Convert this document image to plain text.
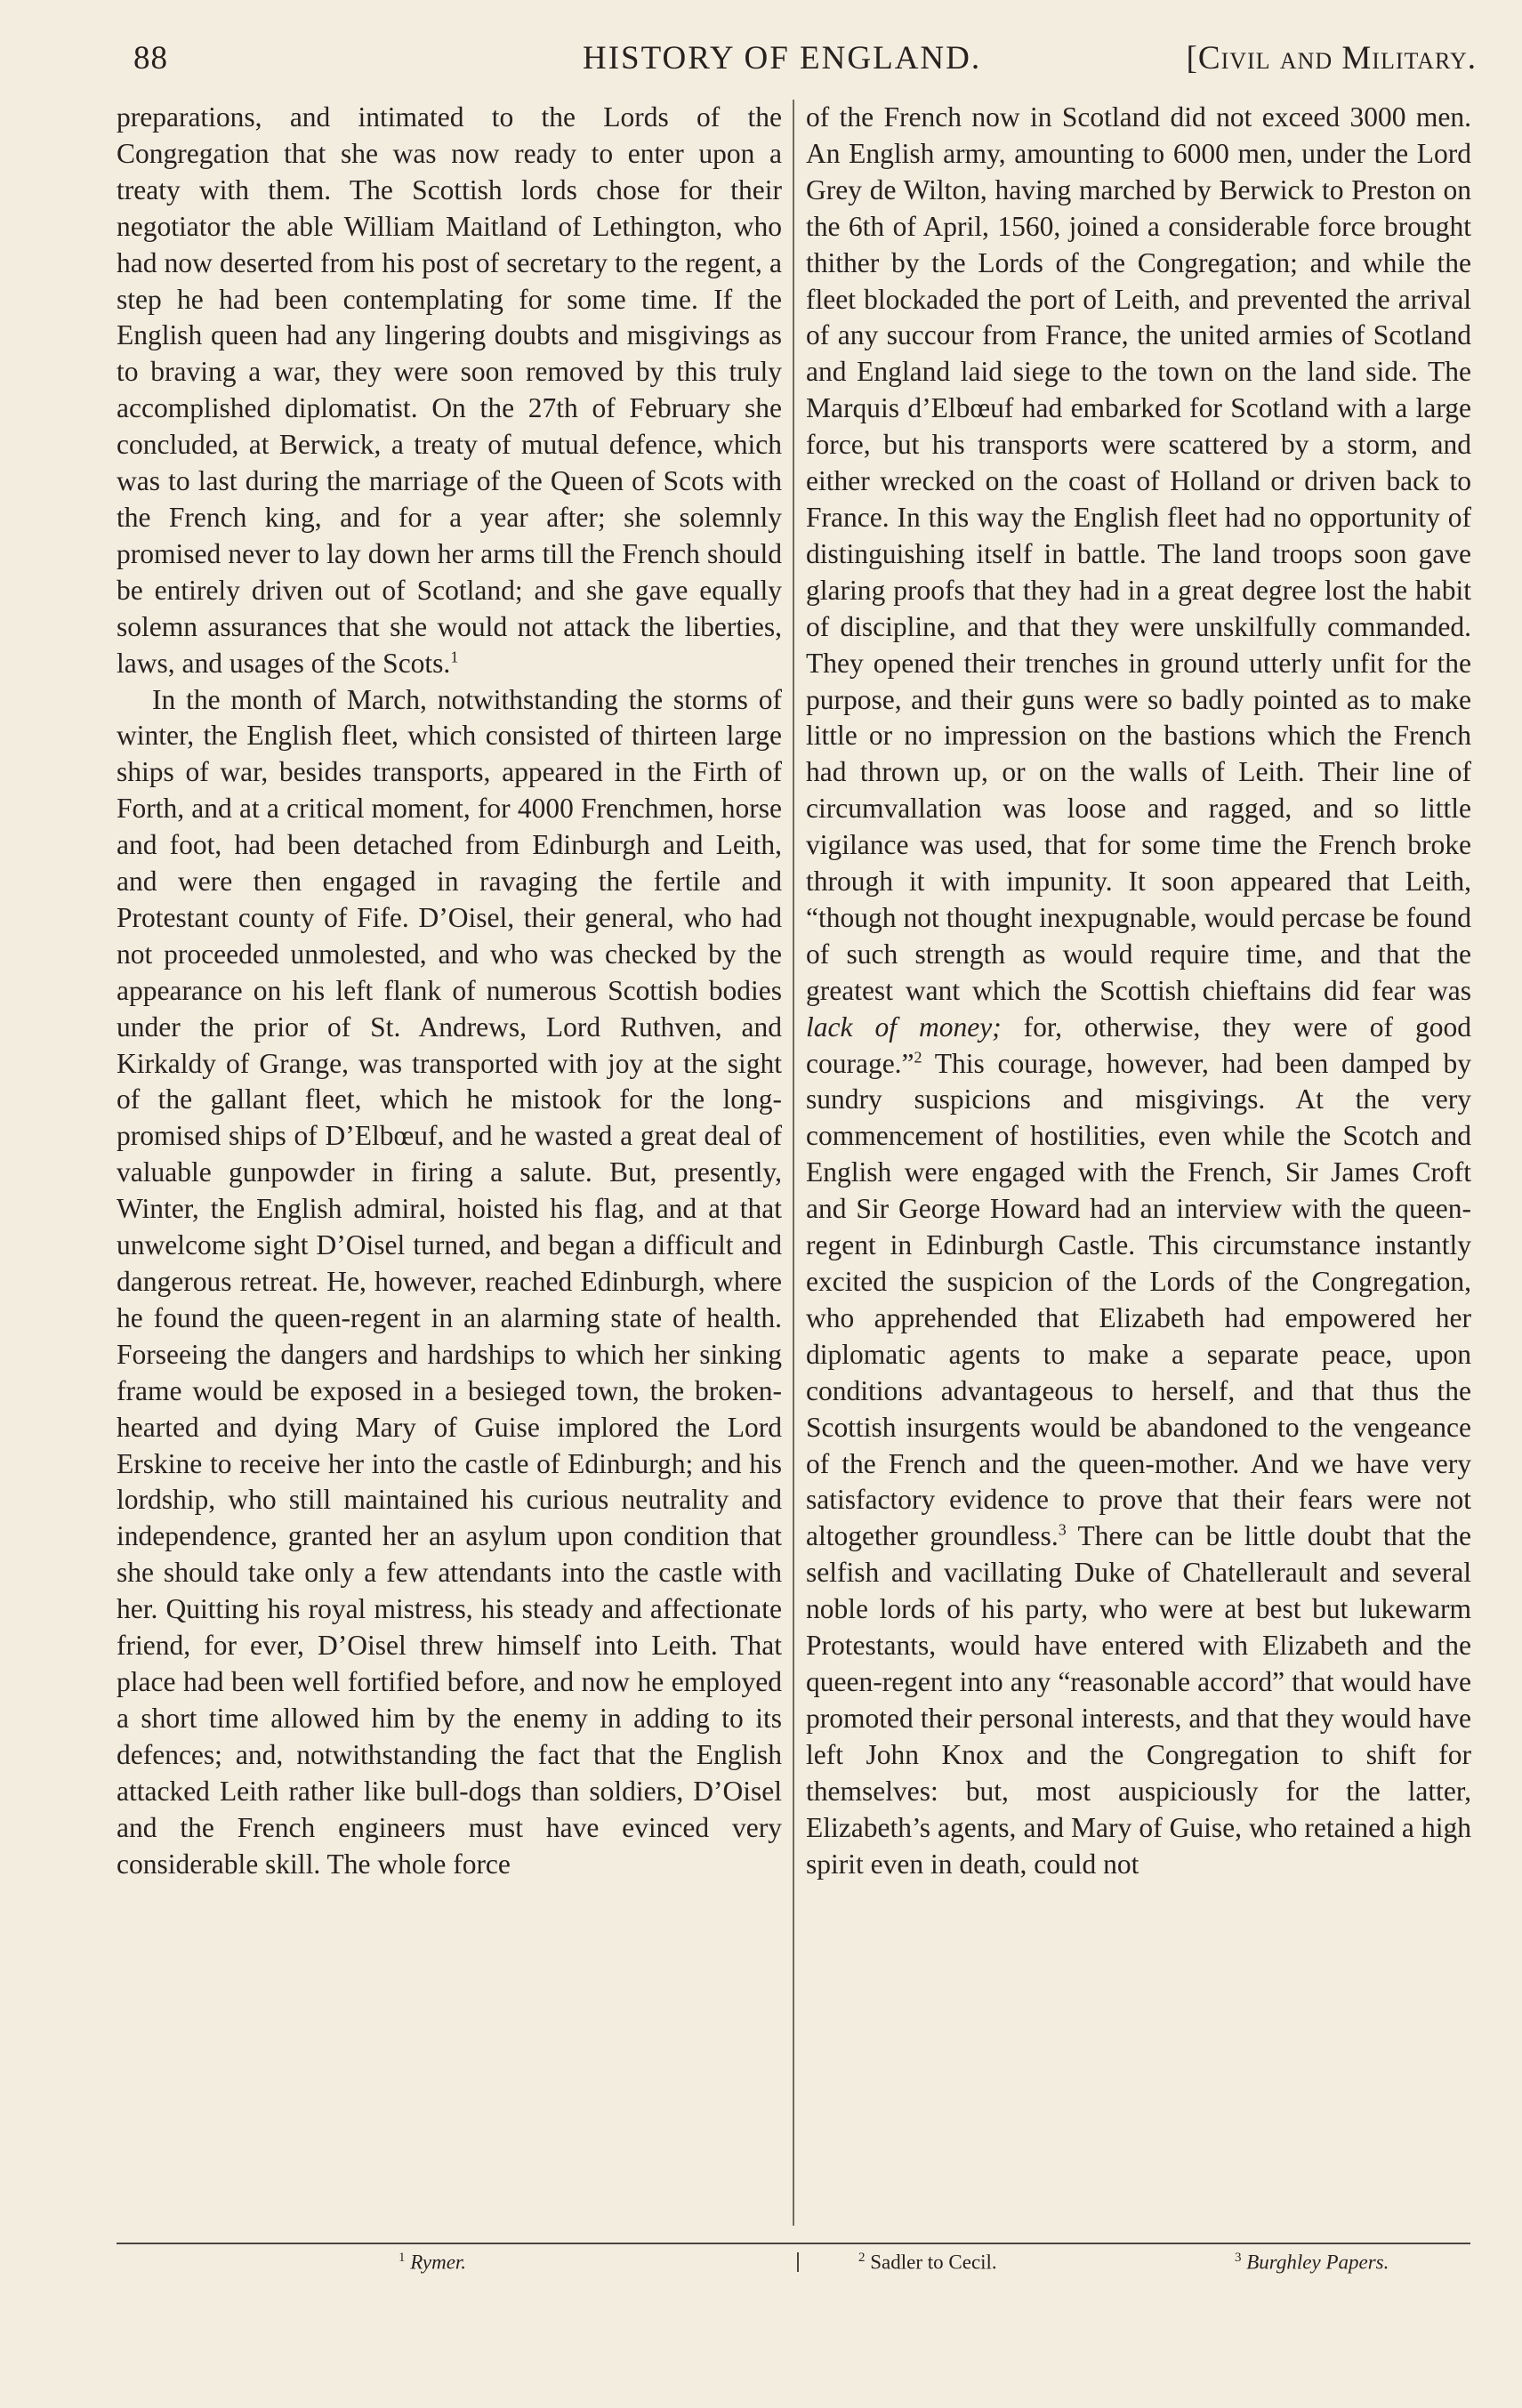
88	HISTORY OF ENGLAND.	[Civil and Military.

preparations, and intimated to the Lords of the Congregation that she was now ready to enter upon a treaty with them. The Scottish lords chose for their negotiator the able William Maitland of Lethington, who had now deserted from his post of secretary to the regent, a step he had been contemplating for some time. If the English queen had any lingering doubts and misgivings as to braving a war, they were soon removed by this truly accomplished diplomatist. On the 27th of February she concluded, at Berwick, a treaty of mutual defence, which was to last during the marriage of the Queen of Scots with the French king, and for a year after; she solemnly promised never to lay down her arms till the French should be entirely driven out of Scotland; and she gave equally solemn assurances that she would not attack the liberties, laws, and usages of the Scots.$^1$

In the month of March, notwithstanding the storms of winter, the English fleet, which consisted of thirteen large ships of war, besides transports, appeared in the Firth of Forth, and at a critical moment, for 4000 Frenchmen, horse and foot, had been detached from Edinburgh and Leith, and were then engaged in ravaging the fertile and Protestant county of Fife. D’Oisel, their general, who had not proceeded unmolested, and who was checked by the appearance on his left flank of numerous Scottish bodies under the prior of St. Andrews, Lord Ruthven, and Kirkaldy of Grange, was transported with joy at the sight of the gallant fleet, which he mistook for the long-promised ships of D’Elbœuf, and he wasted a great deal of valuable gunpowder in firing a salute. But, presently, Winter, the English admiral, hoisted his flag, and at that unwelcome sight D’Oisel turned, and began a difficult and dangerous retreat. He, however, reached Edinburgh, where he found the queen-regent in an alarming state of health. Forseeing the dangers and hardships to which her sinking frame would be exposed in a besieged town, the broken-hearted and dying Mary of Guise implored the Lord Erskine to receive her into the castle of Edinburgh; and his lordship, who still maintained his curious neutrality and independence, granted her an asylum upon condition that she should take only a few attendants into the castle with her. Quitting his royal mistress, his steady and affectionate friend, for ever, D’Oisel threw himself into Leith. That place had been well fortified before, and now he employed a short time allowed him by the enemy in adding to its defences; and, notwithstanding the fact that the English attacked Leith rather like bull-dogs than soldiers, D’Oisel and the French engineers must have evinced very considerable skill. The whole force

of the French now in Scotland did not exceed 3000 men. An English army, amounting to 6000 men, under the Lord Grey de Wilton, having marched by Berwick to Preston on the 6th of April, 1560, joined a considerable force brought thither by the Lords of the Congregation; and while the fleet blockaded the port of Leith, and prevented the arrival of any succour from France, the united armies of Scotland and England laid siege to the town on the land side. The Marquis d’Elbœuf had embarked for Scotland with a large force, but his transports were scattered by a storm, and either wrecked on the coast of Holland or driven back to France. In this way the English fleet had no opportunity of distinguishing itself in battle. The land troops soon gave glaring proofs that they had in a great degree lost the habit of discipline, and that they were unskilfully commanded. They opened their trenches in ground utterly unfit for the purpose, and their guns were so badly pointed as to make little or no impression on the bastions which the French had thrown up, or on the walls of Leith. Their line of circumvallation was loose and ragged, and so little vigilance was used, that for some time the French broke through it with impunity. It soon appeared that Leith, “though not thought inexpugnable, would percase be found of such strength as would require time, and that the greatest want which the Scottish chieftains did fear was lack of money; for, otherwise, they were of good courage.”$^2$ This courage, however, had been damped by sundry suspicions and misgivings. At the very commencement of hostilities, even while the Scotch and English were engaged with the French, Sir James Croft and Sir George Howard had an interview with the queen-regent in Edinburgh Castle. This circumstance instantly excited the suspicion of the Lords of the Congregation, who apprehended that Elizabeth had empowered her diplomatic agents to make a separate peace, upon conditions advantageous to herself, and that thus the Scottish insurgents would be abandoned to the vengeance of the French and the queen-mother. And we have very satisfactory evidence to prove that their fears were not altogether groundless.$^3$ There can be little doubt that the selfish and vacillating Duke of Chatellerault and several noble lords of his party, who were at best but lukewarm Protestants, would have entered with Elizabeth and the queen-regent into any “reasonable accord” that would have promoted their personal interests, and that they would have left John Knox and the Congregation to shift for themselves: but, most auspiciously for the latter, Elizabeth’s agents, and Mary of Guise, who retained a high spirit even in death, could not

$^1$ Rymer.	$^2$ Sadler to Cecil.	$^3$ Burghley Papers.
